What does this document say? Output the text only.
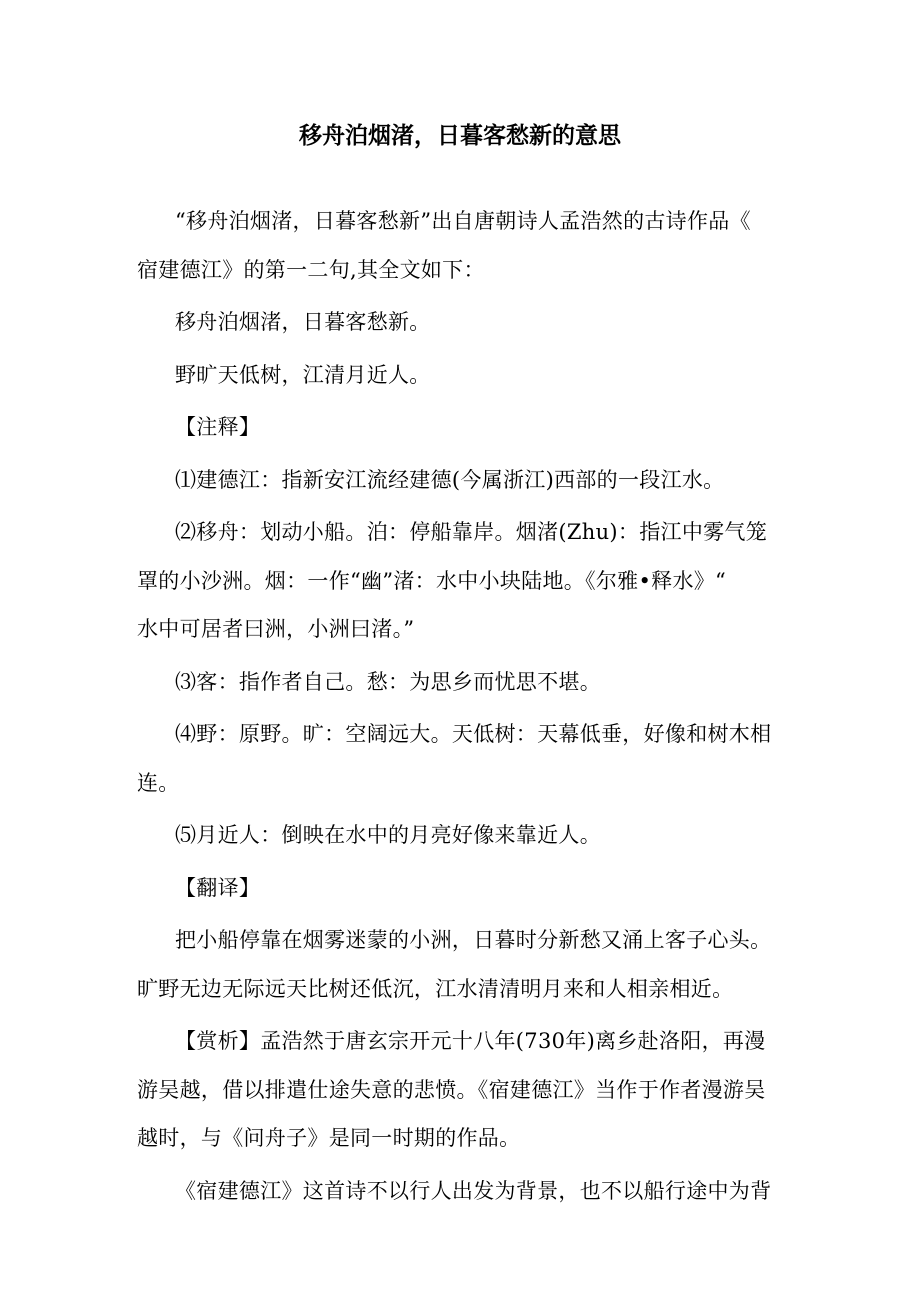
移舟泊烟渚，日暮客愁新的意思

“移舟泊烟渚，日暮客愁新”出自唐朝诗人孟浩然的古诗作品《
宿建德江》的第一二句,其全文如下：

移舟泊烟渚，日暮客愁新。

野旷天低树，江清月近人。

【注释】

⑴建德江：指新安江流经建德(今属浙江)西部的一段江水。

⑵移舟：划动小船。泊：停船靠岸。烟渚(Zhu)：指江中雾气笼
罩的小沙洲。烟：一作“幽”渚：水中小块陆地。《尔雅•释水》“
水中可居者曰洲，小洲曰渚。”

⑶客：指作者自己。愁：为思乡而忧思不堪。

⑷野：原野。旷：空阔远大。天低树：天幕低垂，好像和树木相
连。

⑸月近人：倒映在水中的月亮好像来靠近人。

【翻译】

把小船停靠在烟雾迷蒙的小洲，日暮时分新愁又涌上客子心头。
旷野无边无际远天比树还低沉，江水清清明月来和人相亲相近。

【赏析】孟浩然于唐玄宗开元十八年(730年)离乡赴洛阳，再漫
游吴越，借以排遣仕途失意的悲愤。《宿建德江》当作于作者漫游吴
越时，与《问舟子》是同一时期的作品。

《宿建德江》这首诗不以行人出发为背景，也不以船行途中为背
